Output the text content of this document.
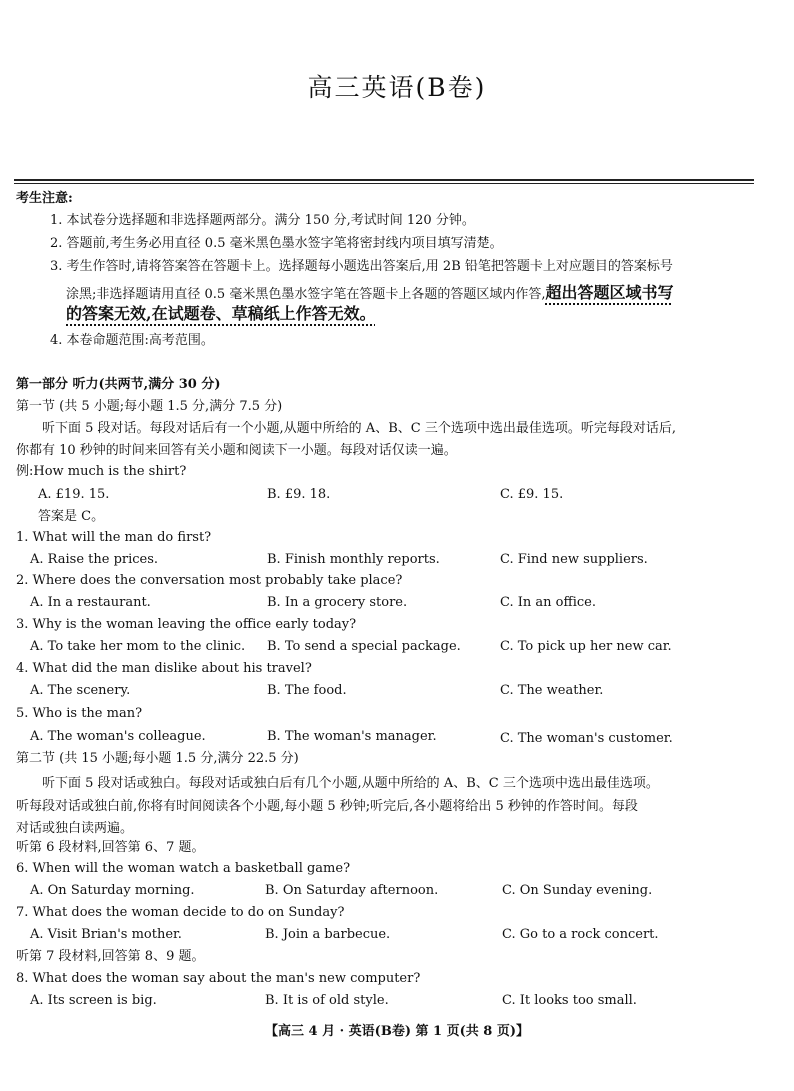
高三英语(B卷)
考生注意:
1. 本试卷分选择题和非选择题两部分。满分 150 分,考试时间 120 分钟。
2. 答题前,考生务必用直径 0.5 毫米黑色墨水签字笔将密封线内项目填写清楚。
3. 考生作答时,请将答案答在答题卡上。选择题每小题选出答案后,用 2B 铅笔把答题卡上对应题目的答案标号
涂黑;非选择题请用直径 0.5 毫米黑色墨水签字笔在答题卡上各题的答题区域内作答,超出答题区域书写
的答案无效,在试题卷、草稿纸上作答无效。
4. 本卷命题范围:高考范围。
第一部分 听力(共两节,满分 30 分)
第一节 (共 5 小题;每小题 1.5 分,满分 7.5 分)
听下面 5 段对话。每段对话后有一个小题,从题中所给的 A、B、C 三个选项中选出最佳选项。听完每段对话后,
你都有 10 秒钟的时间来回答有关小题和阅读下一小题。每段对话仅读一遍。
例:How much is the shirt?
A. £19. 15.	B. £9. 18.	C. £9. 15.
答案是 C。
1. What will the man do first?
A. Raise the prices.	B. Finish monthly reports.	C. Find new suppliers.
2. Where does the conversation most probably take place?
A. In a restaurant.	B. In a grocery store.	C. In an office.
3. Why is the woman leaving the office early today?
A. To take her mom to the clinic. B. To send a special package.	C. To pick up her new car.
4. What did the man dislike about his travel?
A. The scenery.	B. The food.	C. The weather.
5. Who is the man?
A. The woman's colleague.	B. The woman's manager.	C. The woman's customer.
第二节 (共 15 小题;每小题 1.5 分,满分 22.5 分)
听下面 5 段对话或独白。每段对话或独白后有几个小题,从题中所给的 A、B、C 三个选项中选出最佳选项。
听每段对话或独白前,你将有时间阅读各个小题,每小题 5 秒钟;听完后,各小题将给出 5 秒钟的作答时间。每段
对话或独白读两遍。
听第 6 段材料,回答第 6、7 题。
6. When will the woman watch a basketball game?
A. On Saturday morning.	B. On Saturday afternoon.	C. On Sunday evening.
7. What does the woman decide to do on Sunday?
A. Visit Brian's mother.	B. Join a barbecue.	C. Go to a rock concert.
听第 7 段材料,回答第 8、9 题。
8. What does the woman say about the man's new computer?
A. Its screen is big.	B. It is of old style.	C. It looks too small.
【高三 4 月 · 英语(B卷) 第 1 页(共 8 页)】
